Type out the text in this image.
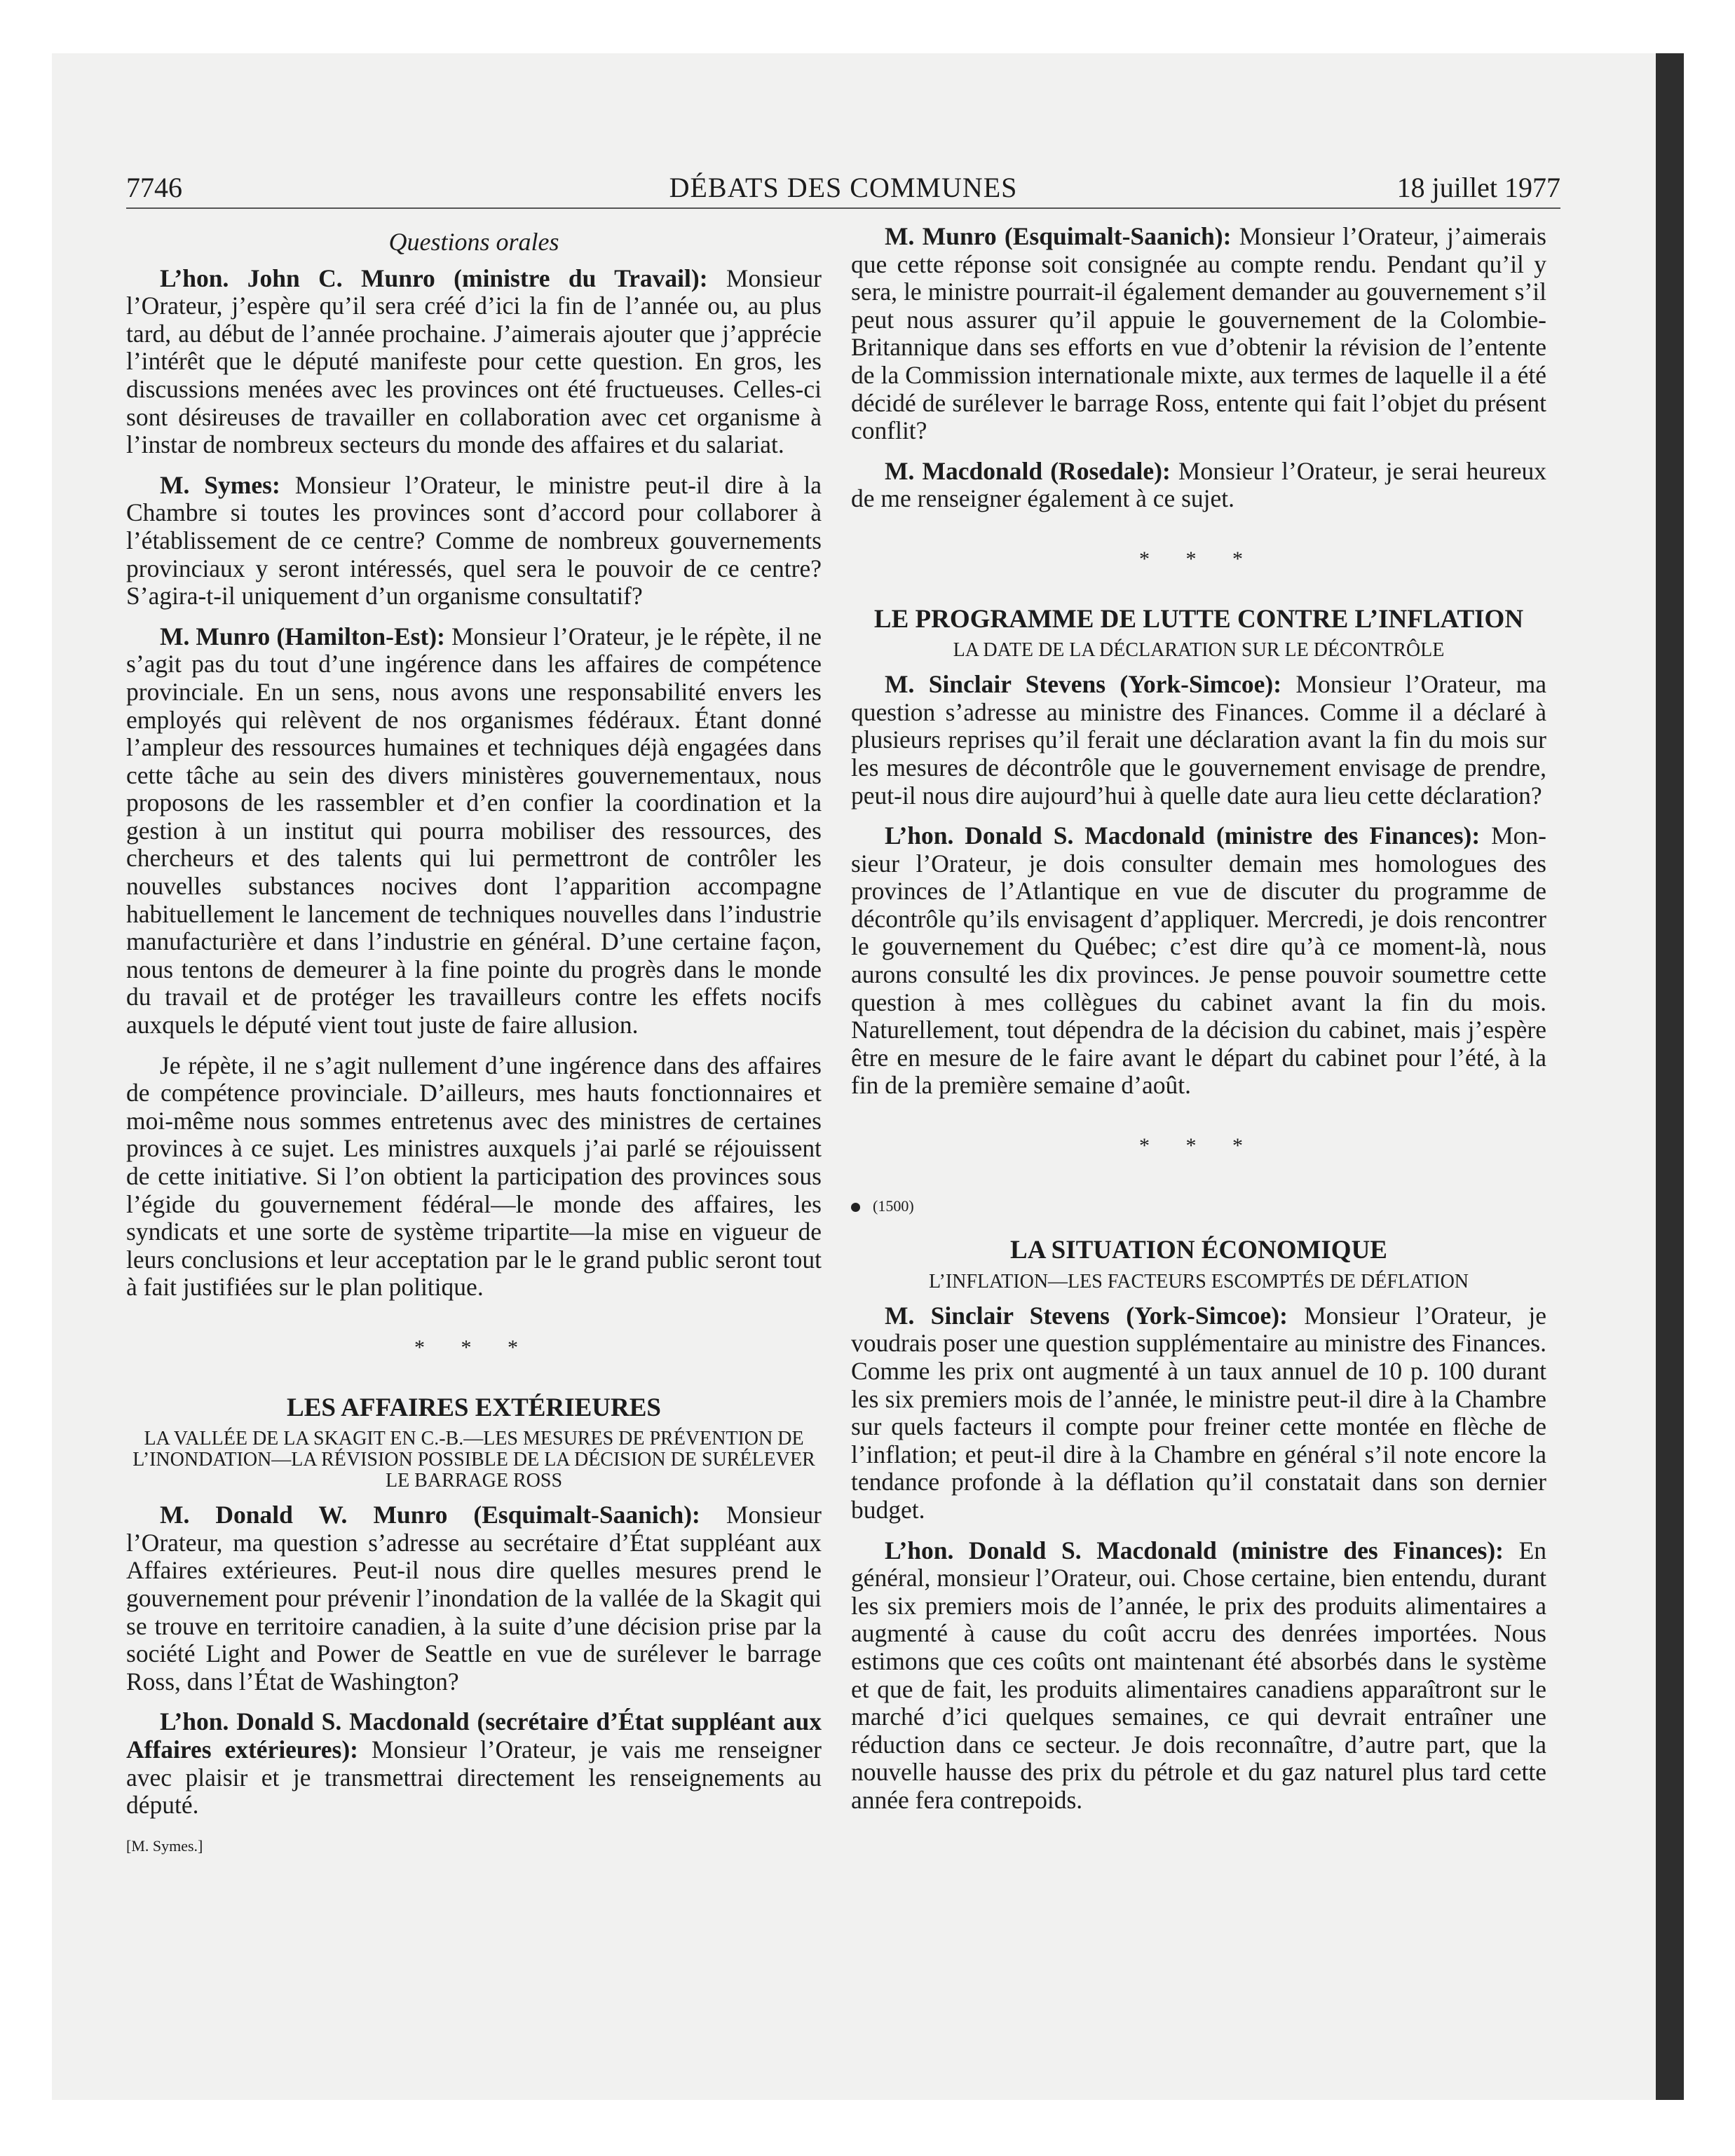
7746	DÉBATS DES COMMUNES	18 juillet 1977
Questions orales

L’hon. John C. Munro (ministre du Travail): Monsieur l’Orateur, j’espère qu’il sera créé d’ici la fin de l’année ou, au plus tard, au début de l’année prochaine. J’aimerais ajouter que j’apprécie l’intérêt que le député manifeste pour cette question. En gros, les discussions menées avec les provinces ont été fructueuses. Celles-ci sont désireuses de travailler en collaboration avec cet organisme à l’instar de nombreux secteurs du monde des affaires et du salariat.

M. Symes: Monsieur l’Orateur, le ministre peut-il dire à la Chambre si toutes les provinces sont d’accord pour collaborer à l’établissement de ce centre? Comme de nombreux gouvernements provinciaux y seront intéressés, quel sera le pouvoir de ce centre? S’agira-t-il uniquement d’un organisme consultatif?

M. Munro (Hamilton-Est): Monsieur l’Orateur, je le répète, il ne s’agit pas du tout d’une ingérence dans les affaires de compétence provinciale. En un sens, nous avons une responsabilité envers les employés qui relèvent de nos organismes fédéraux. Étant donné l’ampleur des ressources humaines et techniques déjà engagées dans cette tâche au sein des divers ministères gouvernementaux, nous proposons de les rassembler et d’en confier la coordination et la gestion à un institut qui pourra mobiliser des ressources, des chercheurs et des talents qui lui permettront de contrôler les nouvelles substances nocives dont l’apparition accompagne habituellement le lancement de techniques nouvelles dans l’industrie manufacturière et dans l’industrie en général. D’une certaine façon, nous tentons de demeurer à la fine pointe du progrès dans le monde du travail et de protéger les travailleurs contre les effets nocifs auxquels le député vient tout juste de faire allusion.

Je répète, il ne s’agit nullement d’une ingérence dans des affaires de compétence provinciale. D’ailleurs, mes hauts fonctionnaires et moi-même nous sommes entretenus avec des ministres de certaines provinces à ce sujet. Les ministres auxquels j’ai parlé se réjouissent de cette initiative. Si l’on obtient la participation des provinces sous l’égide du gouvernement fédéral—le monde des affaires, les syndicats et une sorte de système tripartite—la mise en vigueur de leurs conclusions et leur acceptation par le le grand public seront tout à fait justifiées sur le plan politique.

* * *
LES AFFAIRES EXTÉRIEURES
LA VALLÉE DE LA SKAGIT EN C.-B.—LES MESURES DE PRÉVENTION DE L’INONDATION—LA RÉVISION POSSIBLE DE LA DÉCISION DE SURÉLEVER LE BARRAGE ROSS

M. Donald W. Munro (Esquimalt-Saanich): Monsieur l’Orateur, ma question s’adresse au secrétaire d’État suppléant aux Affaires extérieures. Peut-il nous dire quelles mesures prend le gouvernement pour prévenir l’inondation de la vallée de la Skagit qui se trouve en territoire canadien, à la suite d’une décision prise par la société Light and Power de Seattle en vue de surélever le barrage Ross, dans l’État de Washington?

L’hon. Donald S. Macdonald (secrétaire d’État suppléant aux Affaires extérieures): Monsieur l’Orateur, je vais me renseigner avec plaisir et je transmettrai directement les renseignements au député.

[M. Symes.]

M. Munro (Esquimalt-Saanich): Monsieur l’Orateur, j’aimerais que cette réponse soit consignée au compte rendu. Pendant qu’il y sera, le ministre pourrait-il également demander au gouvernement s’il peut nous assurer qu’il appuie le gouvernement de la Colombie-Britannique dans ses efforts en vue d’obtenir la révision de l’entente de la Commission internationale mixte, aux termes de laquelle il a été décidé de surélever le barrage Ross, entente qui fait l’objet du présent conflit?

M. Macdonald (Rosedale): Monsieur l’Orateur, je serai heureux de me renseigner également à ce sujet.

* * *
LE PROGRAMME DE LUTTE CONTRE L’INFLATION
LA DATE DE LA DÉCLARATION SUR LE DÉCONTRÔLE

M. Sinclair Stevens (York-Simcoe): Monsieur l’Orateur, ma question s’adresse au ministre des Finances. Comme il a déclaré à plusieurs reprises qu’il ferait une déclaration avant la fin du mois sur les mesures de décontrôle que le gouvernement envisage de prendre, peut-il nous dire aujourd’hui à quelle date aura lieu cette déclaration?

L’hon. Donald S. Macdonald (ministre des Finances): Monsieur l’Orateur, je dois consulter demain mes homologues des provinces de l’Atlantique en vue de discuter du programme de décontrôle qu’ils envisagent d’appliquer. Mercredi, je dois rencontrer le gouvernement du Québec; c’est dire qu’à ce moment-là, nous aurons consulté les dix provinces. Je pense pouvoir soumettre cette question à mes collègues du cabinet avant la fin du mois. Naturellement, tout dépendra de la décision du cabinet, mais j’espère être en mesure de le faire avant le départ du cabinet pour l’été, à la fin de la première semaine d’août.

* * *
(1500)
LA SITUATION ÉCONOMIQUE
L’INFLATION—LES FACTEURS ESCOMPTÉS DE DÉFLATION

M. Sinclair Stevens (York-Simcoe): Monsieur l’Orateur, je voudrais poser une question supplémentaire au ministre des Finances. Comme les prix ont augmenté à un taux annuel de 10 p. 100 durant les six premiers mois de l’année, le ministre peut-il dire à la Chambre sur quels facteurs il compte pour freiner cette montée en flèche de l’inflation; et peut-il dire à la Chambre en général s’il note encore la tendance profonde à la déflation qu’il constatait dans son dernier budget.

L’hon. Donald S. Macdonald (ministre des Finances): En général, monsieur l’Orateur, oui. Chose certaine, bien entendu, durant les six premiers mois de l’année, le prix des produits alimentaires a augmenté à cause du coût accru des denrées importées. Nous estimons que ces coûts ont maintenant été absorbés dans le système et que de fait, les produits alimentaires canadiens apparaîtront sur le marché d’ici quelques semaines, ce qui devrait entraîner une réduction dans ce secteur. Je dois reconnaître, d’autre part, que la nouvelle hausse des prix du pétrole et du gaz naturel plus tard cette année fera contrepoids.
